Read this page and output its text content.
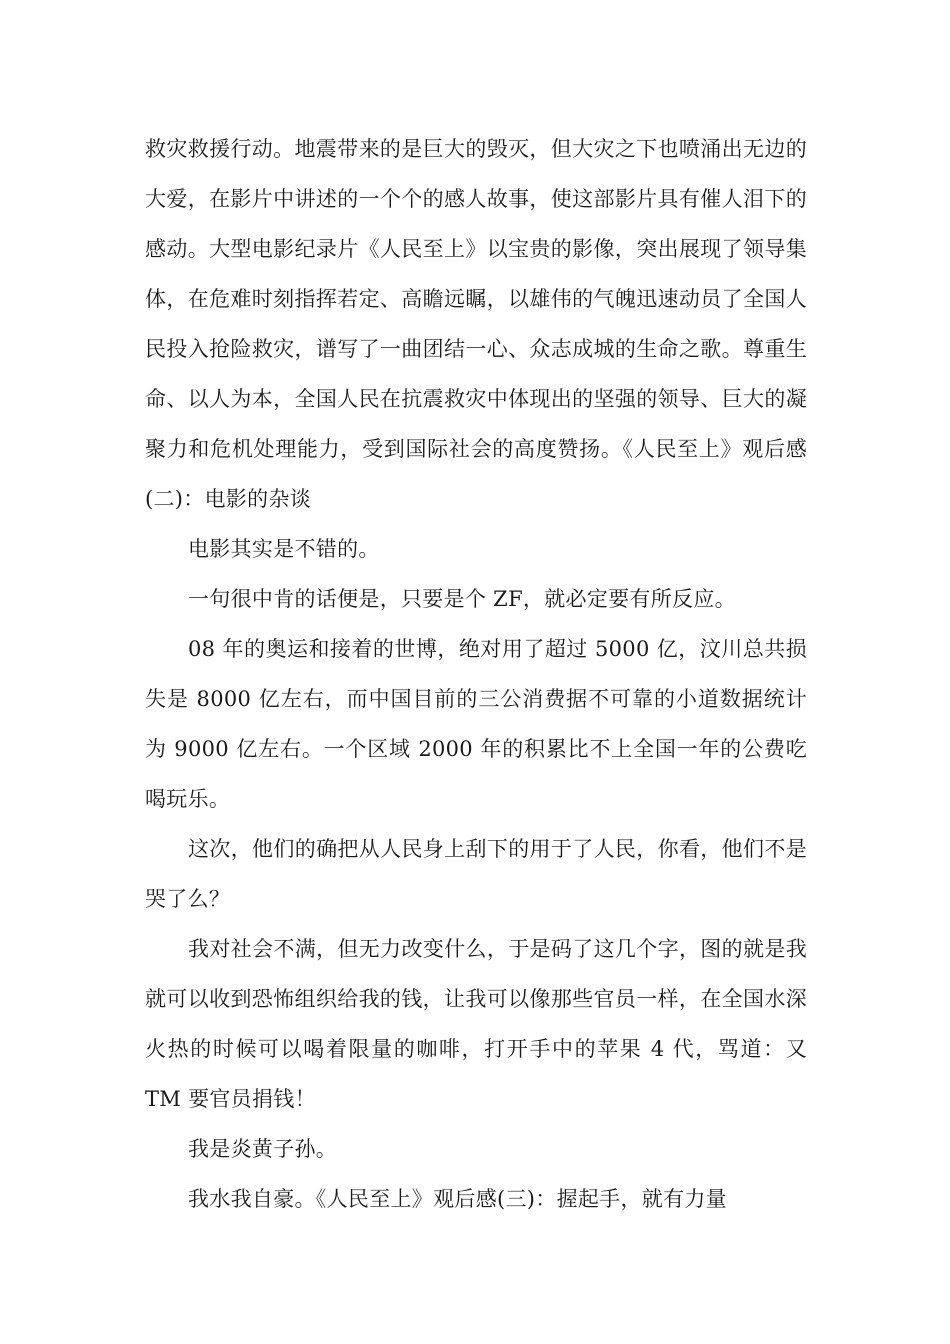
救灾救援行动。地震带来的是巨大的毁灭，但大灾之下也喷涌出无边的大爱，在影片中讲述的一个个的感人故事，使这部影片具有催人泪下的感动。大型电影纪录片《人民至上》以宝贵的影像，突出展现了领导集体，在危难时刻指挥若定、高瞻远瞩，以雄伟的气魄迅速动员了全国人民投入抢险救灾，谱写了一曲团结一心、众志成城的生命之歌。尊重生命、以人为本，全国人民在抗震救灾中体现出的坚强的领导、巨大的凝聚力和危机处理能力，受到国际社会的高度赞扬。《人民至上》观后感(二)：电影的杂谈

电影其实是不错的。

一句很中肯的话便是，只要是个 ZF，就必定要有所反应。

08 年的奥运和接着的世博，绝对用了超过 5000 亿，汶川总共损失是 8000 亿左右，而中国目前的三公消费据不可靠的小道数据统计为 9000 亿左右。一个区域 2000 年的积累比不上全国一年的公费吃喝玩乐。

这次，他们的确把从人民身上刮下的用于了人民，你看，他们不是哭了么？

我对社会不满，但无力改变什么，于是码了这几个字，图的就是我就可以收到恐怖组织给我的钱，让我可以像那些官员一样，在全国水深火热的时候可以喝着限量的咖啡，打开手中的苹果 4 代，骂道：又 TM 要官员捐钱！

我是炎黄子孙。

我水我自豪。《人民至上》观后感(三)：握起手，就有力量
